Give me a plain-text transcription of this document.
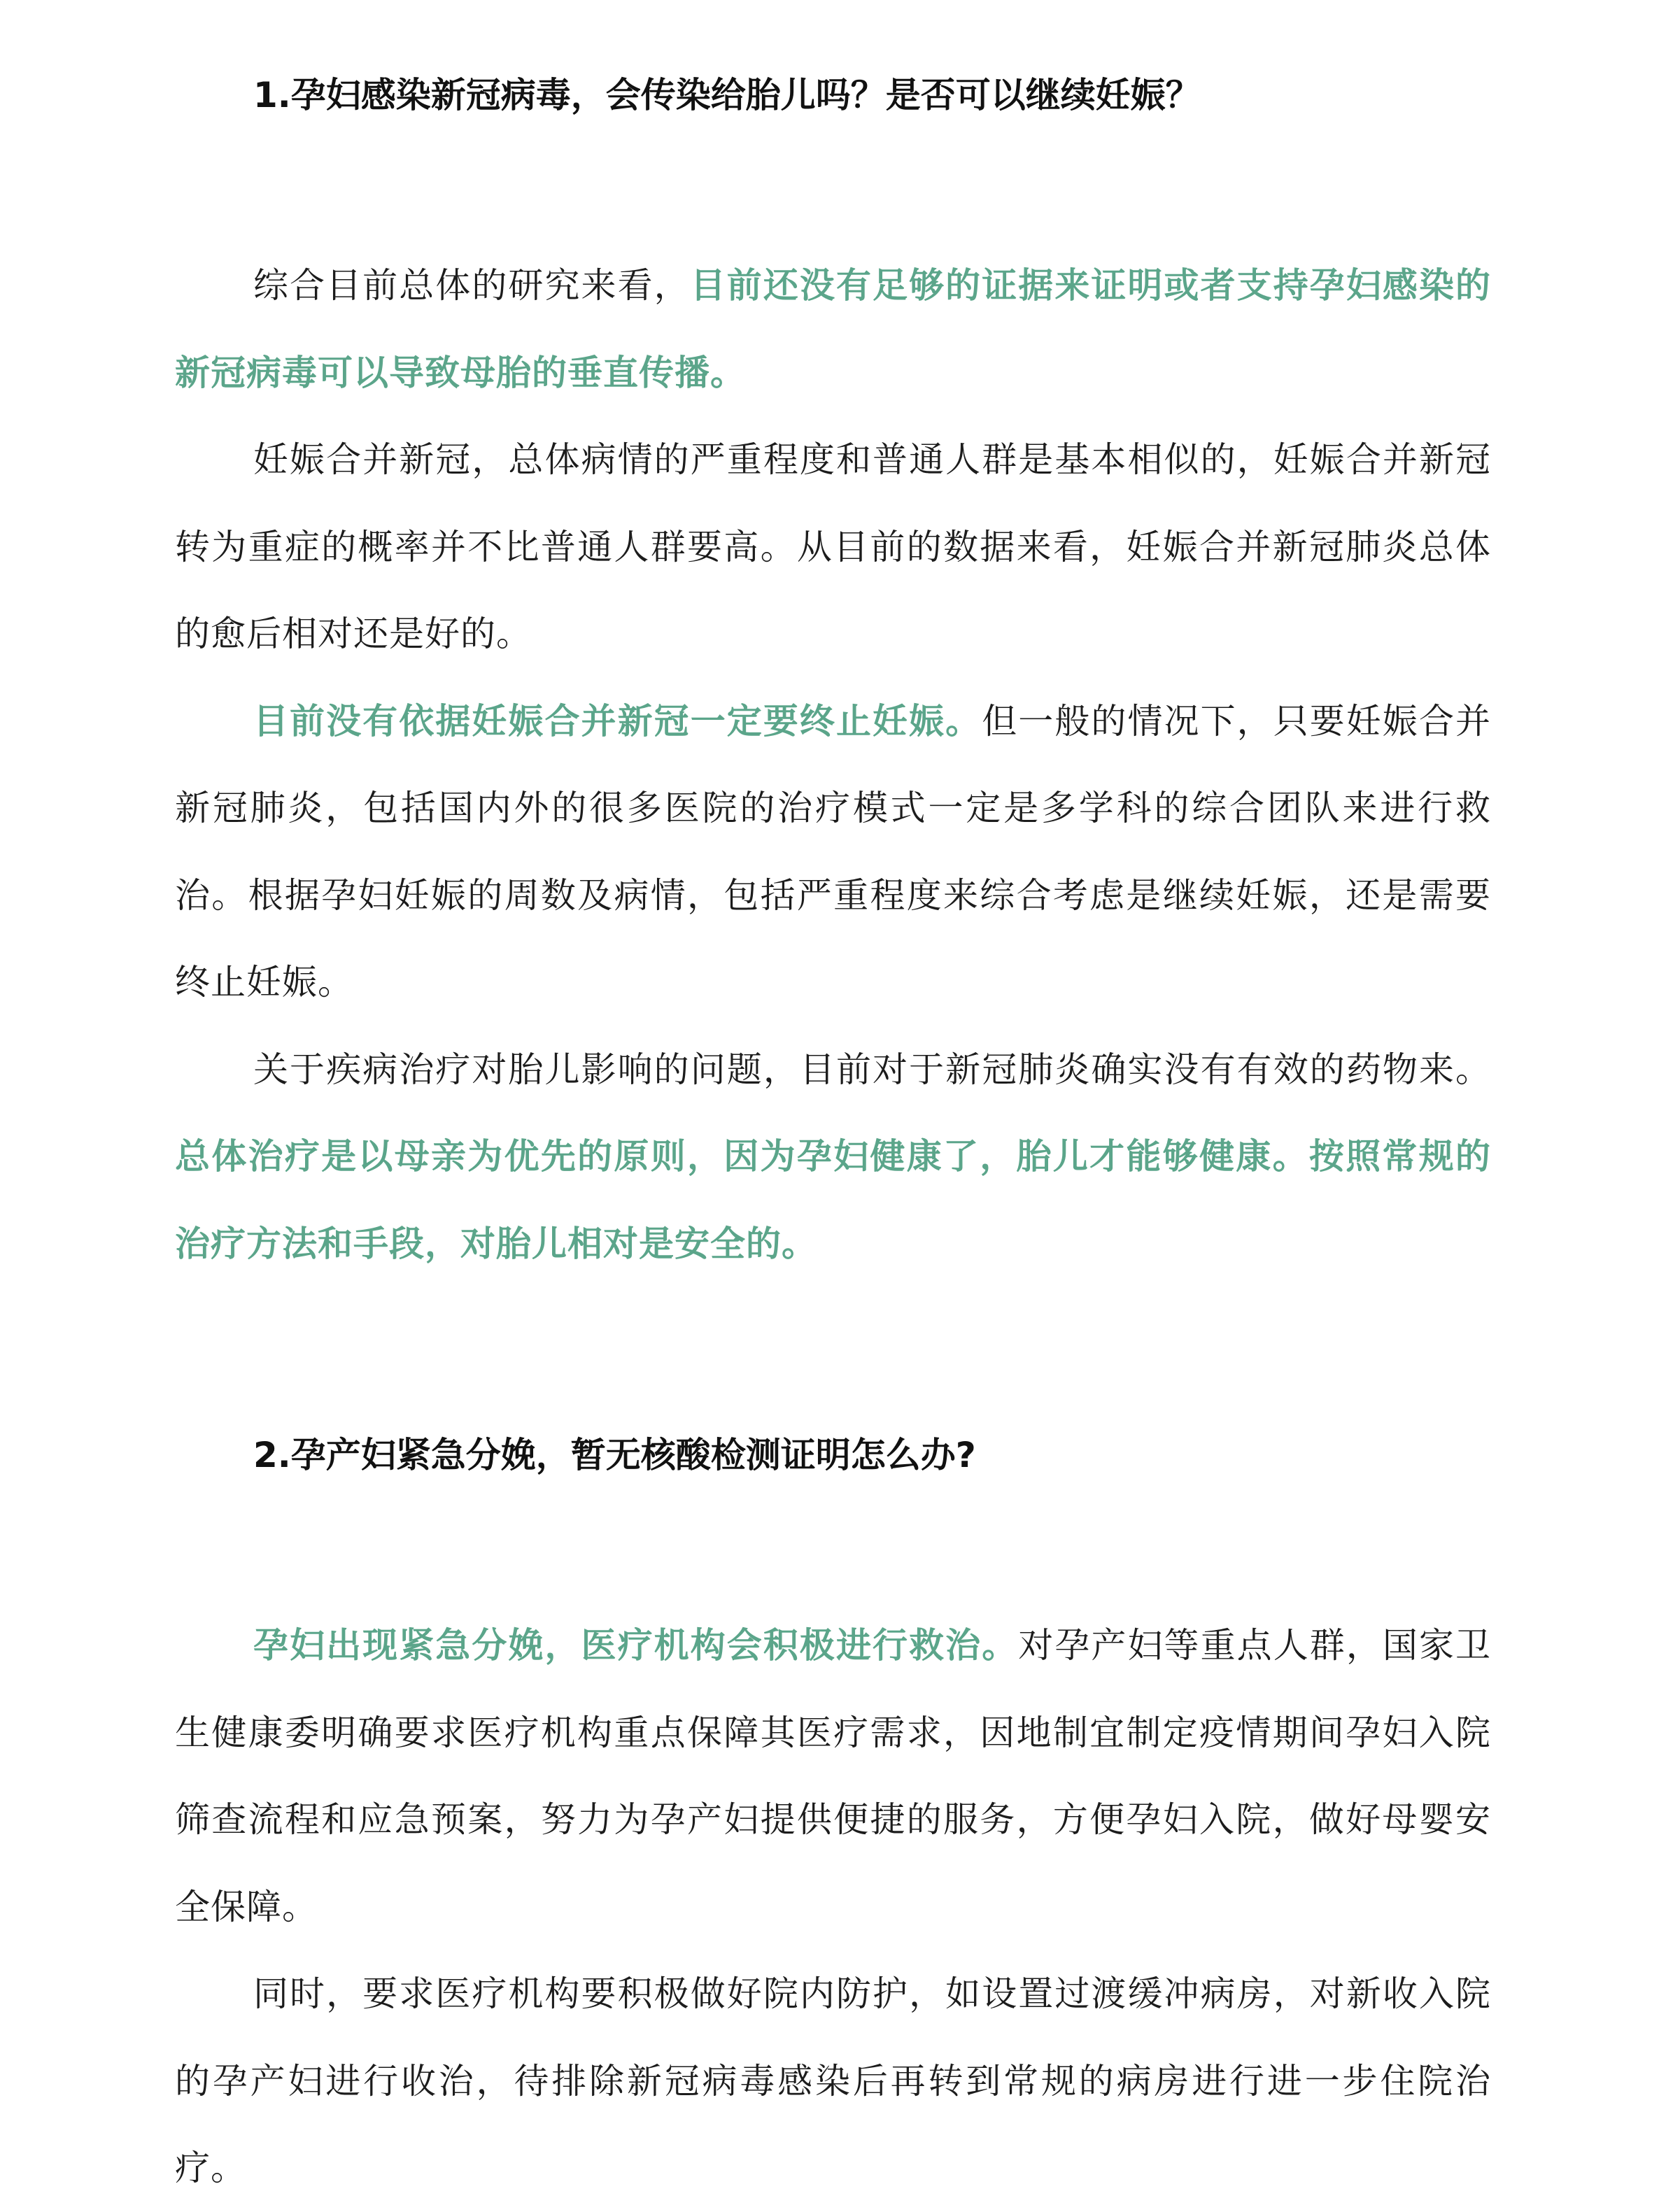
1.孕妇感染新冠病毒，会传染给胎儿吗？是否可以继续妊娠？

综合目前总体的研究来看，目前还没有足够的证据来证明或者支持孕妇感染的新冠病毒可以导致母胎的垂直传播。

妊娠合并新冠，总体病情的严重程度和普通人群是基本相似的，妊娠合并新冠转为重症的概率并不比普通人群要高。从目前的数据来看，妊娠合并新冠肺炎总体的愈后相对还是好的。

目前没有依据妊娠合并新冠一定要终止妊娠。但一般的情况下，只要妊娠合并新冠肺炎，包括国内外的很多医院的治疗模式一定是多学科的综合团队来进行救治。根据孕妇妊娠的周数及病情，包括严重程度来综合考虑是继续妊娠，还是需要终止妊娠。

关于疾病治疗对胎儿影响的问题，目前对于新冠肺炎确实没有有效的药物来。总体治疗是以母亲为优先的原则，因为孕妇健康了，胎儿才能够健康。按照常规的治疗方法和手段，对胎儿相对是安全的。

2.孕产妇紧急分娩，暂无核酸检测证明怎么办?

孕妇出现紧急分娩，医疗机构会积极进行救治。对孕产妇等重点人群，国家卫生健康委明确要求医疗机构重点保障其医疗需求，因地制宜制定疫情期间孕妇入院筛查流程和应急预案，努力为孕产妇提供便捷的服务，方便孕妇入院，做好母婴安全保障。

同时，要求医疗机构要积极做好院内防护，如设置过渡缓冲病房，对新收入院的孕产妇进行收治，待排除新冠病毒感染后再转到常规的病房进行进一步住院治疗。
